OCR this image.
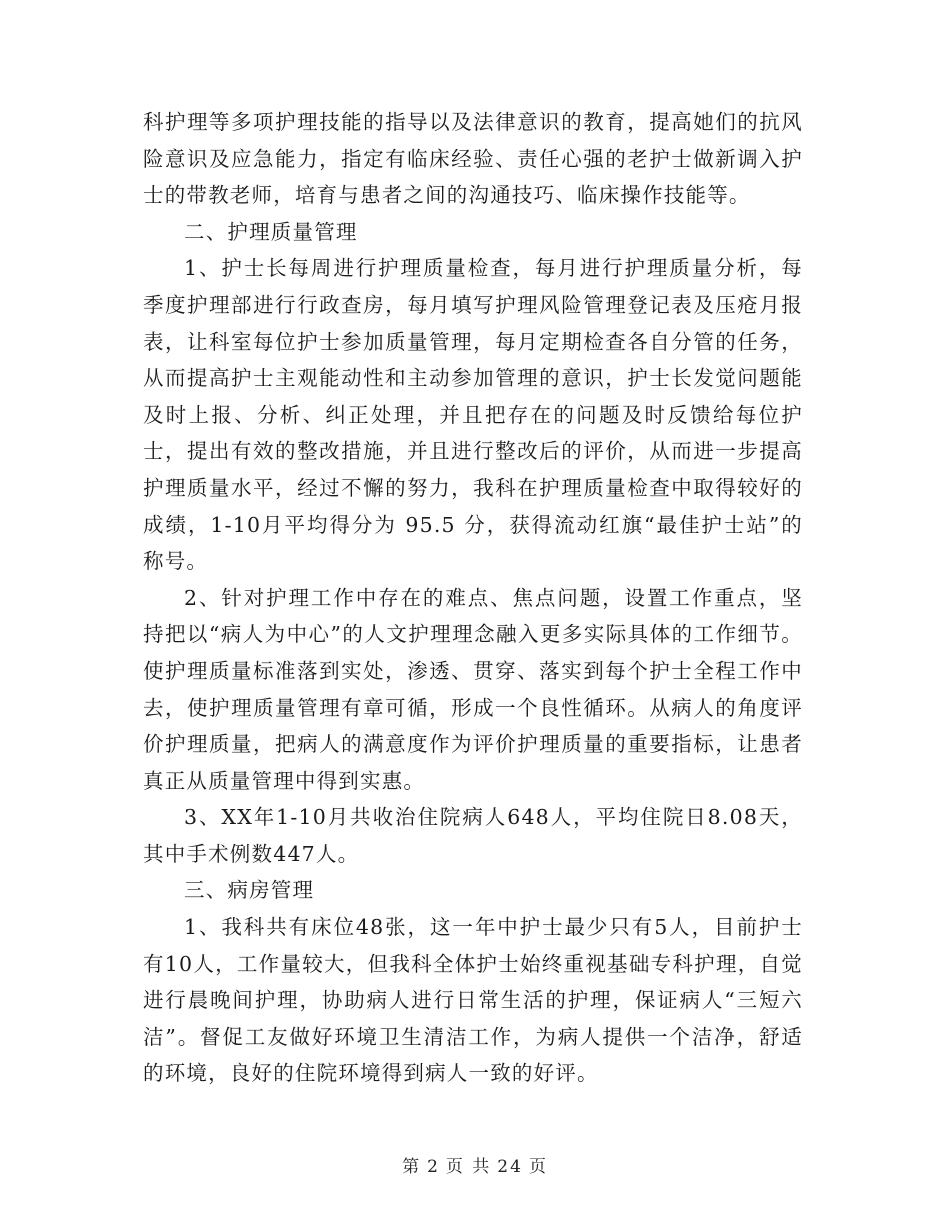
科护理等多项护理技能的指导以及法律意识的教育，提高她们的抗风险意识及应急能力，指定有临床经验、责任心强的老护士做新调入护士的带教老师，培育与患者之间的沟通技巧、临床操作技能等。

二、护理质量管理

1、护士长每周进行护理质量检查，每月进行护理质量分析，每季度护理部进行行政查房，每月填写护理风险管理登记表及压疮月报表，让科室每位护士参加质量管理，每月定期检查各自分管的任务，从而提高护士主观能动性和主动参加管理的意识，护士长发觉问题能及时上报、分析、纠正处理，并且把存在的问题及时反馈给每位护士，提出有效的整改措施，并且进行整改后的评价，从而进一步提高护理质量水平，经过不懈的努力，我科在护理质量检查中取得较好的成绩，1-10月平均得分为 95.5 分，获得流动红旗“最佳护士站”的称号。

2、针对护理工作中存在的难点、焦点问题，设置工作重点，坚持把以“病人为中心”的人文护理理念融入更多实际具体的工作细节。使护理质量标准落到实处，渗透、贯穿、落实到每个护士全程工作中去，使护理质量管理有章可循，形成一个良性循环。从病人的角度评价护理质量，把病人的满意度作为评价护理质量的重要指标，让患者真正从质量管理中得到实惠。

3、XX年1-10月共收治住院病人648人，平均住院日8.08天，其中手术例数447人。

三、病房管理

1、我科共有床位48张，这一年中护士最少只有5人，目前护士有10人，工作量较大，但我科全体护士始终重视基础专科护理，自觉进行晨晚间护理，协助病人进行日常生活的护理，保证病人“三短六洁”。督促工友做好环境卫生清洁工作，为病人提供一个洁净，舒适的环境，良好的住院环境得到病人一致的好评。

第 2 页 共 24 页
